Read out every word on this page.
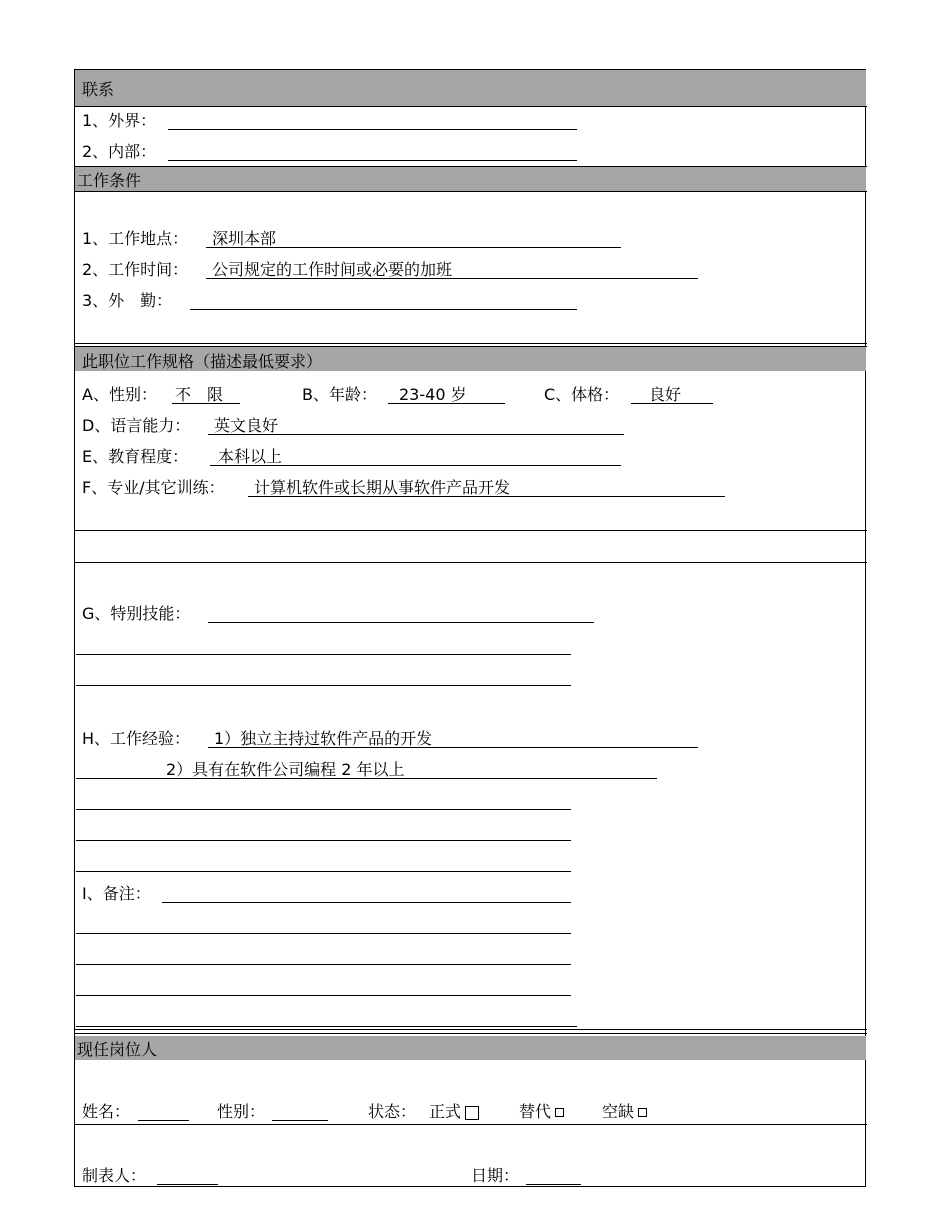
联系
1、外界：
2、内部：
工作条件
1、工作地点： 深圳本部
2、工作时间： 公司规定的工作时间或必要的加班
3、外　勤：
此职位工作规格（描述最低要求）
A、性别： 不　限	B、年龄： 23-40 岁	C、体格： 良好
D、语言能力： 英文良好
E、教育程度： 本科以上
F、专业/其它训练： 计算机软件或长期从事软件产品开发
G、特别技能：
H、工作经验： 1）独立主持过软件产品的开发
2）具有在软件公司编程 2 年以上
I、备注：
现任岗位人
姓名：	性别：	状态： 正式	替代	空缺
制表人：	日期：
